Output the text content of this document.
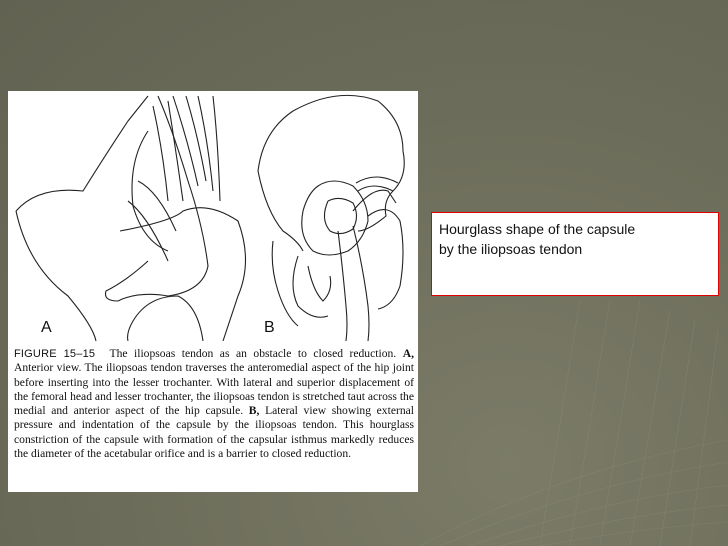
A	B
FIGURE 15–15 The iliopsoas tendon as an obstacle to closed reduction. A, Anterior view. The iliopsoas tendon traverses the anteromedial aspect of the hip joint before inserting into the lesser trochanter. With lateral and superior displacement of the femoral head and lesser trochanter, the iliopsoas tendon is stretched taut across the medial and anterior aspect of the hip capsule. B, Lateral view showing external pressure and indentation of the capsule by the iliopsoas tendon. This hourglass constriction of the capsule with formation of the capsular isthmus markedly reduces the diameter of the acetabular orifice and is a barrier to closed reduction.
Hourglass shape of the capsule
by the iliopsoas tendon
